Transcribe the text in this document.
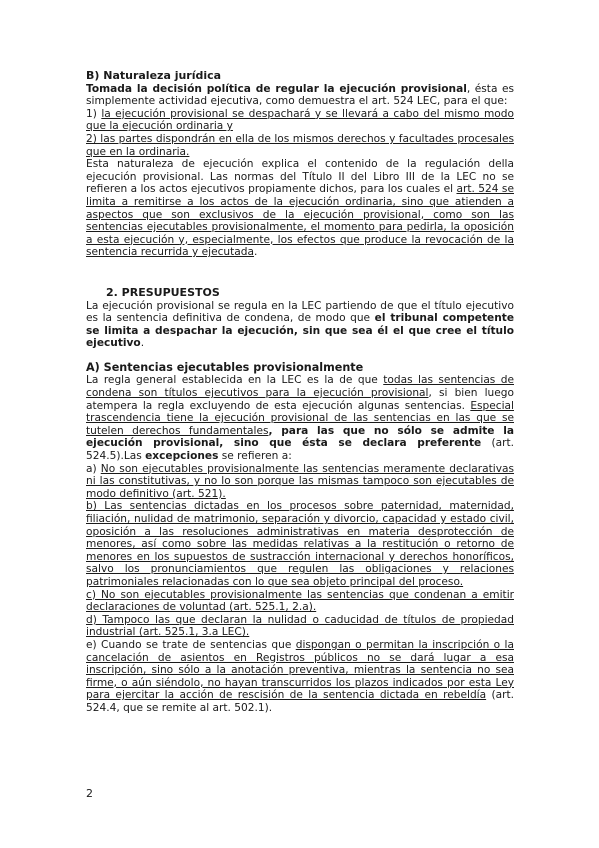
B) Naturaleza jurídica

Tomada la decisión política de regular la ejecución provisional, ésta es simplemente actividad ejecutiva, como demuestra el art. 524 LEC, para el que:

1) la ejecución provisional se despachará y se llevará a cabo del mismo modo que la ejecución ordinaria y

2) las partes dispondrán en ella de los mismos derechos y facultades procesales que en la ordinaria.

Esta naturaleza de ejecución explica el contenido de la regulación della ejecución provisional. Las normas del Título II del Libro III de la LEC no se refieren a los actos ejecutivos propiamente dichos, para los cuales el art. 524 se limita a remitirse a los actos de la ejecución ordinaria, sino que atienden a aspectos que son exclusivos de la ejecución provisional, como son las sentencias ejecutables provisionalmente, el momento para pedirla, la oposición a esta ejecución y, especialmente, los efectos que produce la revocación de la sentencia recurrida y ejecutada.

2. PRESUPUESTOS

La ejecución provisional se regula en la LEC partiendo de que el título ejecutivo es la sentencia definitiva de condena, de modo que el tribunal competente se limita a despachar la ejecución, sin que sea él el que cree el título ejecutivo.

A) Sentencias ejecutables provisionalmente

La regla general establecida en la LEC es la de que todas las sentencias de condena son títulos ejecutivos para la ejecución provisional, si bien luego atempera la regla excluyendo de esta ejecución algunas sentencias. Especial trascendencia tiene la ejecución provisional de las sentencias en las que se tutelen derechos fundamentales, para las que no sólo se admite la ejecución provisional, sino que ésta se declara preferente (art. 524.5).Las excepciones se refieren a:

a) No son ejecutables provisionalmente las sentencias meramente declarativas ni las constitutivas, y no lo son porque las mismas tampoco son ejecutables de modo definitivo (art. 521).

b) Las sentencias dictadas en los procesos sobre paternidad, maternidad, filiación, nulidad de matrimonio, separación y divorcio, capacidad y estado civil, oposición a las resoluciones administrativas en materia desprotección de menores, así como sobre las medidas relativas a la restitución o retorno de menores en los supuestos de sustracción internacional y derechos honoríficos, salvo los pronunciamientos que regulen las obligaciones y relaciones patrimoniales relacionadas con lo que sea objeto principal del proceso.

c) No son ejecutables provisionalmente las sentencias que condenan a emitir declaraciones de voluntad (art. 525.1, 2.a).

d) Tampoco las que declaran la nulidad o caducidad de títulos de propiedad industrial (art. 525.1, 3.a LEC).

e) Cuando se trate de sentencias que dispongan o permitan la inscripción o la cancelación de asientos en Registros públicos no se dará lugar a esa inscripción, sino sólo a la anotación preventiva, mientras la sentencia no sea firme, o aún siéndolo, no hayan transcurridos los plazos indicados por esta Ley para ejercitar la acción de rescisión de la sentencia dictada en rebeldía (art. 524.4, que se remite al art. 502.1).

2
